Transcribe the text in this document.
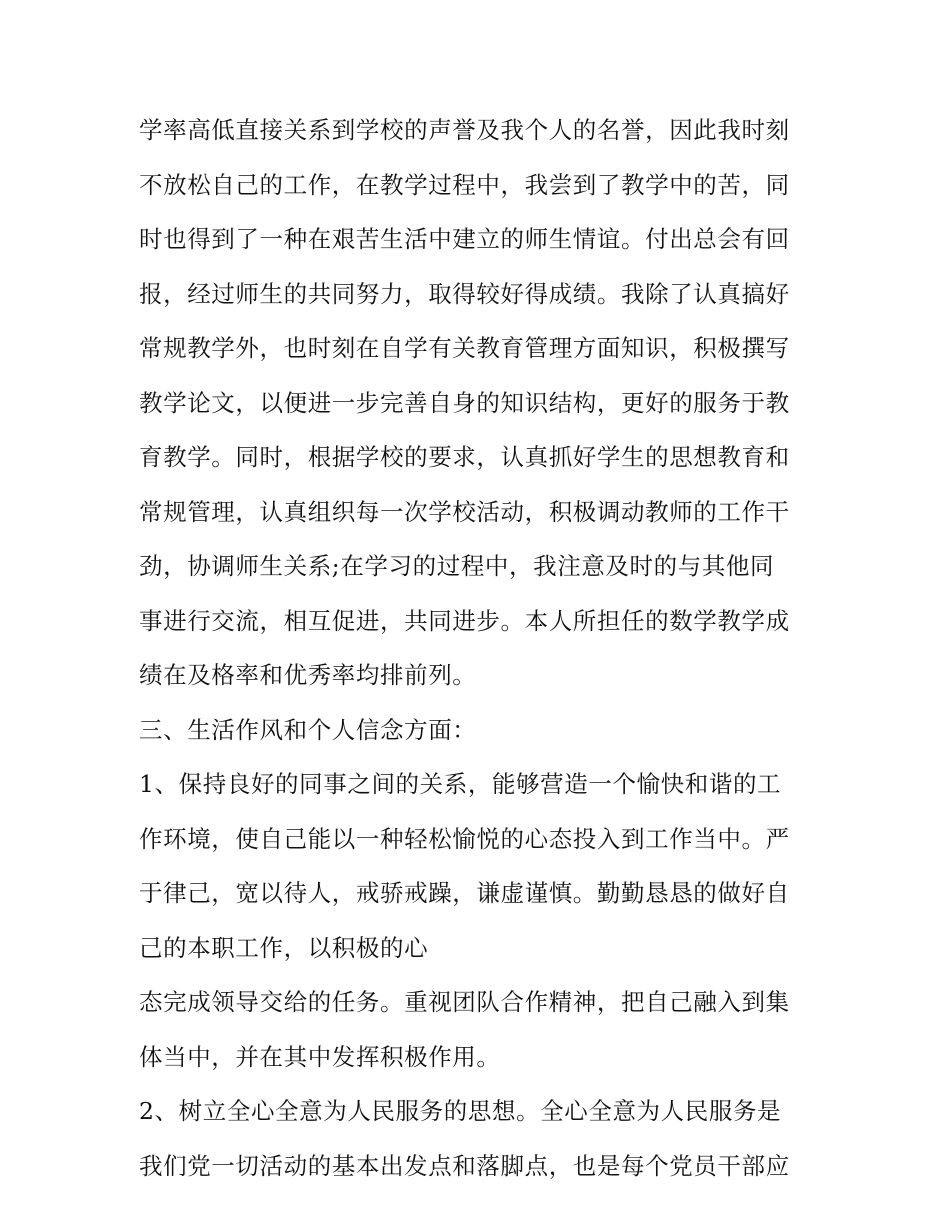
学率高低直接关系到学校的声誉及我个人的名誉，因此我时刻
不放松自己的工作，在教学过程中，我尝到了教学中的苦，同
时也得到了一种在艰苦生活中建立的师生情谊。付出总会有回
报，经过师生的共同努力，取得较好得成绩。我除了认真搞好
常规教学外，也时刻在自学有关教育管理方面知识，积极撰写
教学论文，以便进一步完善自身的知识结构，更好的服务于教
育教学。同时，根据学校的要求，认真抓好学生的思想教育和
常规管理，认真组织每一次学校活动，积极调动教师的工作干
劲，协调师生关系;在学习的过程中，我注意及时的与其他同
事进行交流，相互促进，共同进步。本人所担任的数学教学成
绩在及格率和优秀率均排前列。
三、生活作风和个人信念方面：
1、保持良好的同事之间的关系，能够营造一个愉快和谐的工
作环境，使自己能以一种轻松愉悦的心态投入到工作当中。严
于律己，宽以待人，戒骄戒躁，谦虚谨慎。勤勤恳恳的做好自
己的本职工作，以积极的心
态完成领导交给的任务。重视团队合作精神，把自己融入到集
体当中，并在其中发挥积极作用。
2、树立全心全意为人民服务的思想。全心全意为人民服务是
我们党一切活动的基本出发点和落脚点，也是每个党员干部应
